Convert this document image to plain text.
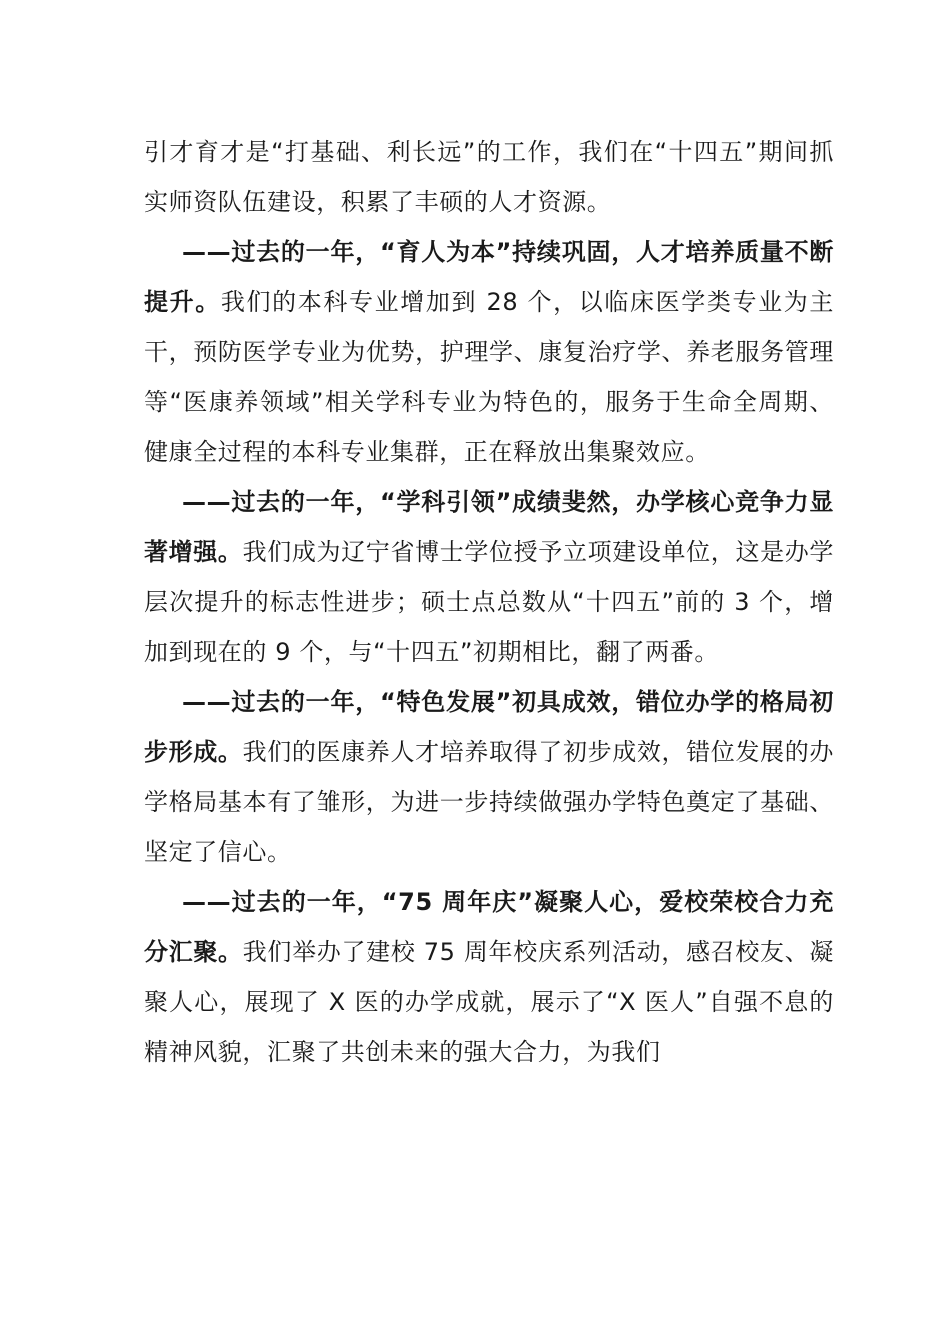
引才育才是“打基础、利长远”的工作，我们在“十四五”期间抓实师资队伍建设，积累了丰硕的人才资源。

——过去的一年，“育人为本”持续巩固，人才培养质量不断提升。我们的本科专业增加到 28 个，以临床医学类专业为主干，预防医学专业为优势，护理学、康复治疗学、养老服务管理等“医康养领域”相关学科专业为特色的，服务于生命全周期、健康全过程的本科专业集群，正在释放出集聚效应。

——过去的一年，“学科引领”成绩斐然，办学核心竞争力显著增强。我们成为辽宁省博士学位授予立项建设单位，这是办学层次提升的标志性进步；硕士点总数从“十四五”前的 3 个，增加到现在的 9 个，与“十四五”初期相比，翻了两番。

——过去的一年，“特色发展”初具成效，错位办学的格局初步形成。我们的医康养人才培养取得了初步成效，错位发展的办学格局基本有了雏形，为进一步持续做强办学特色奠定了基础、坚定了信心。

——过去的一年，“75 周年庆”凝聚人心，爱校荣校合力充分汇聚。我们举办了建校 75 周年校庆系列活动，感召校友、凝聚人心，展现了 X 医的办学成就，展示了“X 医人”自强不息的精神风貌，汇聚了共创未来的强大合力，为我们
